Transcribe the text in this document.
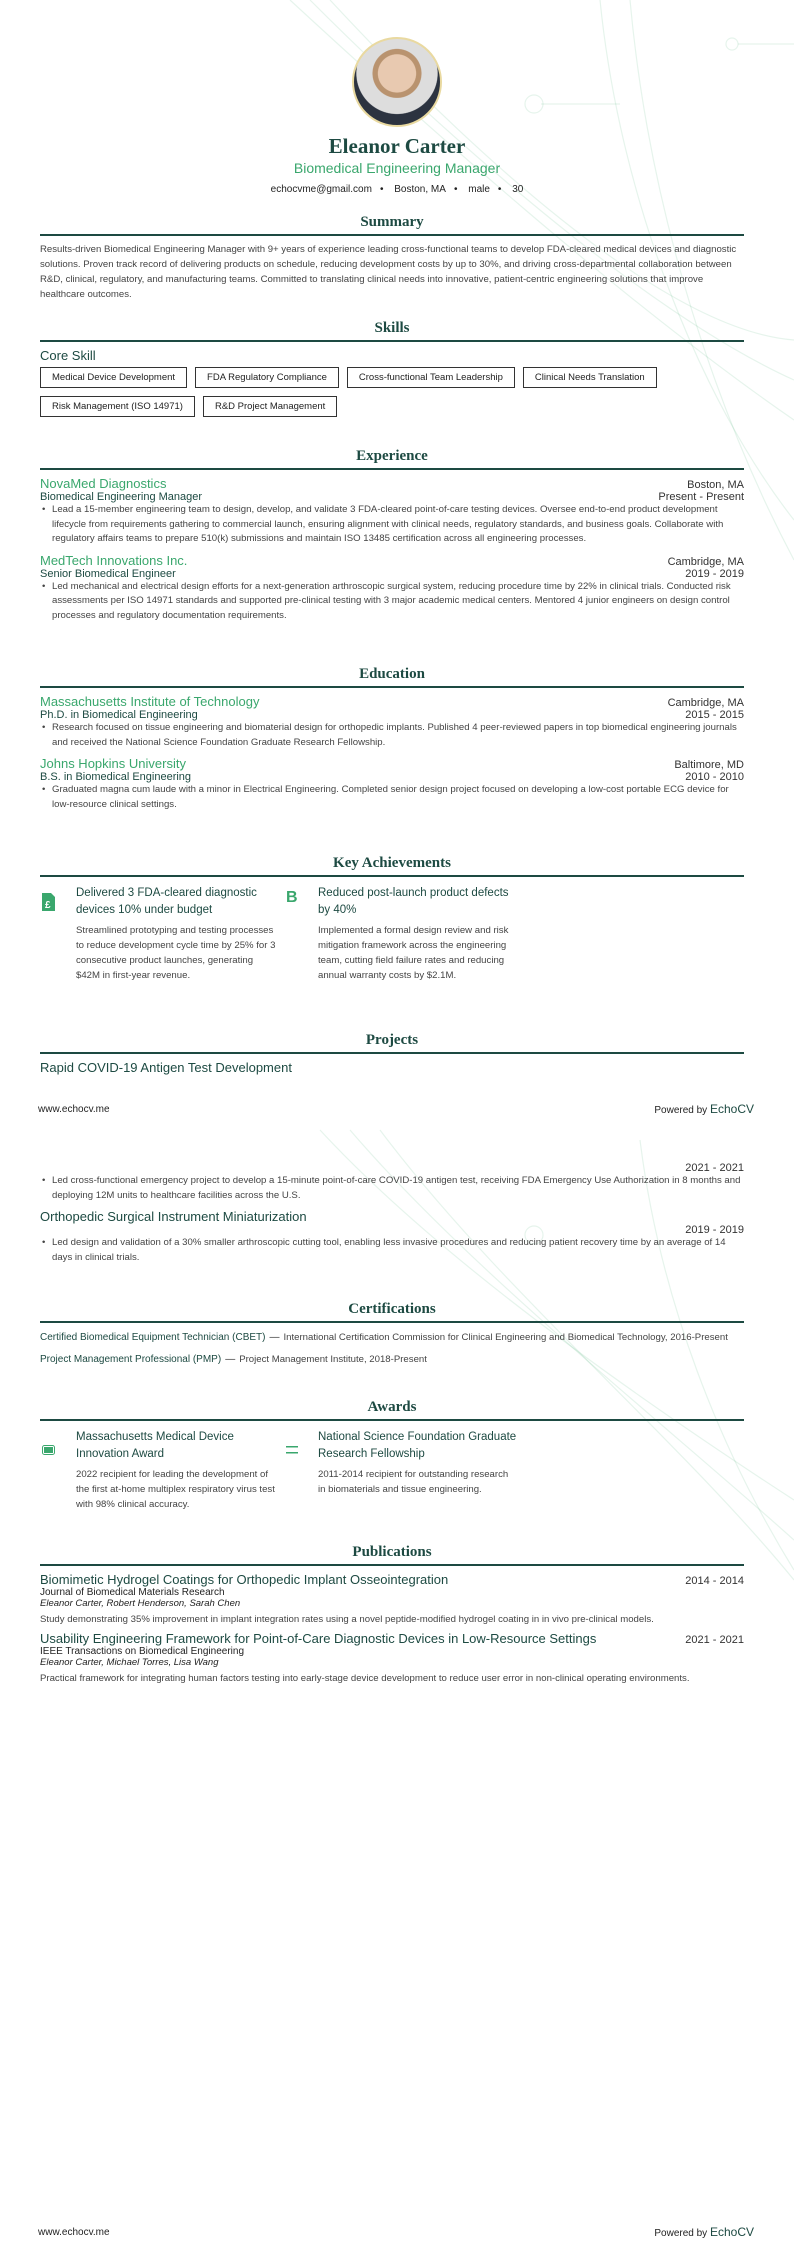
Eleanor Carter
Biomedical Engineering Manager
echocvme@gmail.com • Boston, MA • male • 30
Summary
Results-driven Biomedical Engineering Manager with 9+ years of experience leading cross-functional teams to develop FDA-cleared medical devices and diagnostic solutions. Proven track record of delivering products on schedule, reducing development costs by up to 30%, and driving cross-departmental collaboration between R&D, clinical, regulatory, and manufacturing teams. Committed to translating clinical needs into innovative, patient-centric engineering solutions that improve healthcare outcomes.
Skills
Core Skill
Medical Device Development	FDA Regulatory Compliance	Cross-functional Team Leadership	Clinical Needs Translation
Risk Management (ISO 14971)	R&D Project Management
Experience
NovaMed Diagnostics	Boston, MA
Biomedical Engineering Manager	Present - Present
• Lead a 15-member engineering team to design, develop, and validate 3 FDA-cleared point-of-care testing devices. Oversee end-to-end product development lifecycle from requirements gathering to commercial launch, ensuring alignment with clinical needs, regulatory standards, and business goals. Collaborate with regulatory affairs teams to prepare 510(k) submissions and maintain ISO 13485 certification across all engineering processes.
MedTech Innovations Inc.	Cambridge, MA
Senior Biomedical Engineer	2019 - 2019
• Led mechanical and electrical design efforts for a next-generation arthroscopic surgical system, reducing procedure time by 22% in clinical trials. Conducted risk assessments per ISO 14971 standards and supported pre-clinical testing with 3 major academic medical centers. Mentored 4 junior engineers on design control processes and regulatory documentation requirements.
Education
Massachusetts Institute of Technology	Cambridge, MA
Ph.D. in Biomedical Engineering	2015 - 2015
• Research focused on tissue engineering and biomaterial design for orthopedic implants. Published 4 peer-reviewed papers in top biomedical engineering journals and received the National Science Foundation Graduate Research Fellowship.
Johns Hopkins University	Baltimore, MD
B.S. in Biomedical Engineering	2010 - 2010
• Graduated magna cum laude with a minor in Electrical Engineering. Completed senior design project focused on developing a low-cost portable ECG device for low-resource clinical settings.
Key Achievements
£
Delivered 3 FDA-cleared diagnostic devices 10% under budget
Streamlined prototyping and testing processes to reduce development cycle time by 25% for 3 consecutive product launches, generating $42M in first-year revenue.
B Reduced post-launch product defects by 40%
Implemented a formal design review and risk mitigation framework across the engineering team, cutting field failure rates and reducing annual warranty costs by $2.1M.
Projects
Rapid COVID-19 Antigen Test Development
www.echocv.me	Powered by EchoCV
2021 - 2021
• Led cross-functional emergency project to develop a 15-minute point-of-care COVID-19 antigen test, receiving FDA Emergency Use Authorization in 8 months and deploying 12M units to healthcare facilities across the U.S.
Orthopedic Surgical Instrument Miniaturization
2019 - 2019
• Led design and validation of a 30% smaller arthroscopic cutting tool, enabling less invasive procedures and reducing patient recovery time by an average of 14 days in clinical trials.
Certifications
Certified Biomedical Equipment Technician (CBET) — International Certification Commission for Clinical Engineering and Biomedical Technology, 2016-Present
Project Management Professional (PMP) — Project Management Institute, 2018-Present
Awards
Massachusetts Medical Device Innovation Award
2022 recipient for leading the development of the first at-home multiplex respiratory virus test with 98% clinical accuracy.
National Science Foundation Graduate Research Fellowship
2011-2014 recipient for outstanding research in biomaterials and tissue engineering.
Publications
Biomimetic Hydrogel Coatings for Orthopedic Implant Osseointegration	2014 - 2014
Journal of Biomedical Materials Research
Eleanor Carter, Robert Henderson, Sarah Chen
Study demonstrating 35% improvement in implant integration rates using a novel peptide-modified hydrogel coating in in vivo pre-clinical models.
Usability Engineering Framework for Point-of-Care Diagnostic Devices in Low-Resource Settings	2021 - 2021
IEEE Transactions on Biomedical Engineering
Eleanor Carter, Michael Torres, Lisa Wang
Practical framework for integrating human factors testing into early-stage device development to reduce user error in non-clinical operating environments.
www.echocv.me	Powered by EchoCV
